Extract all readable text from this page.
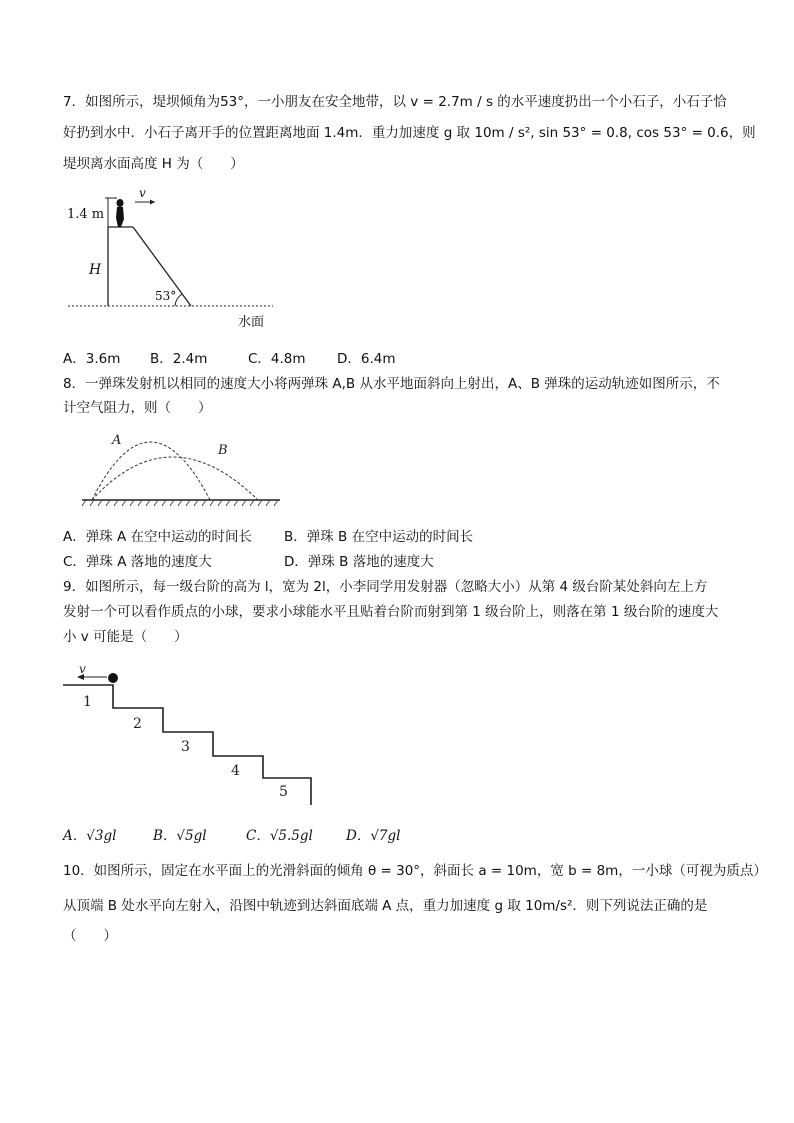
7．如图所示，堤坝倾角为53°，一小朋友在安全地带，以 v = 2.7m / s 的水平速度扔出一个小石子，小石子恰
好扔到水中．小石子离开手的位置距离地面 1.4m．重力加速度 g 取 10m / s², sin 53° = 0.8, cos 53° = 0.6，则
堤坝离水面高度 H 为（　　）
1.4 m
v
H
53°
水面
A．3.6m B．2.4m	C．4.8m D．6.4m
8．一弹珠发射机以相同的速度大小将两弹珠 A,B 从水平地面斜向上射出，A、B 弹珠的运动轨迹如图所示，不
计空气阻力，则（　　）
A
B
A．弹珠 A 在空中运动的时间长 B．弹珠 B 在空中运动的时间长
C．弹珠 A 落地的速度大	D．弹珠 B 落地的速度大
9．如图所示，每一级台阶的高为 l，宽为 2l，小李同学用发射器（忽略大小）从第 4 级台阶某处斜向左上方
发射一个可以看作质点的小球，要求小球能水平且贴着台阶而射到第 1 级台阶上，则落在第 1 级台阶的速度大
小 v 可能是（　　）
v
1
2
3
4
5
A．√3gl	B．√5gl	C．√5.5gl D．√7gl
10．如图所示，固定在水平面上的光滑斜面的倾角 θ = 30°，斜面长 a = 10m，宽 b = 8m，一小球（可视为质点）
从顶端 B 处水平向左射入，沿图中轨迹到达斜面底端 A 点，重力加速度 g 取 10m/s²．则下列说法正确的是
（　　）
